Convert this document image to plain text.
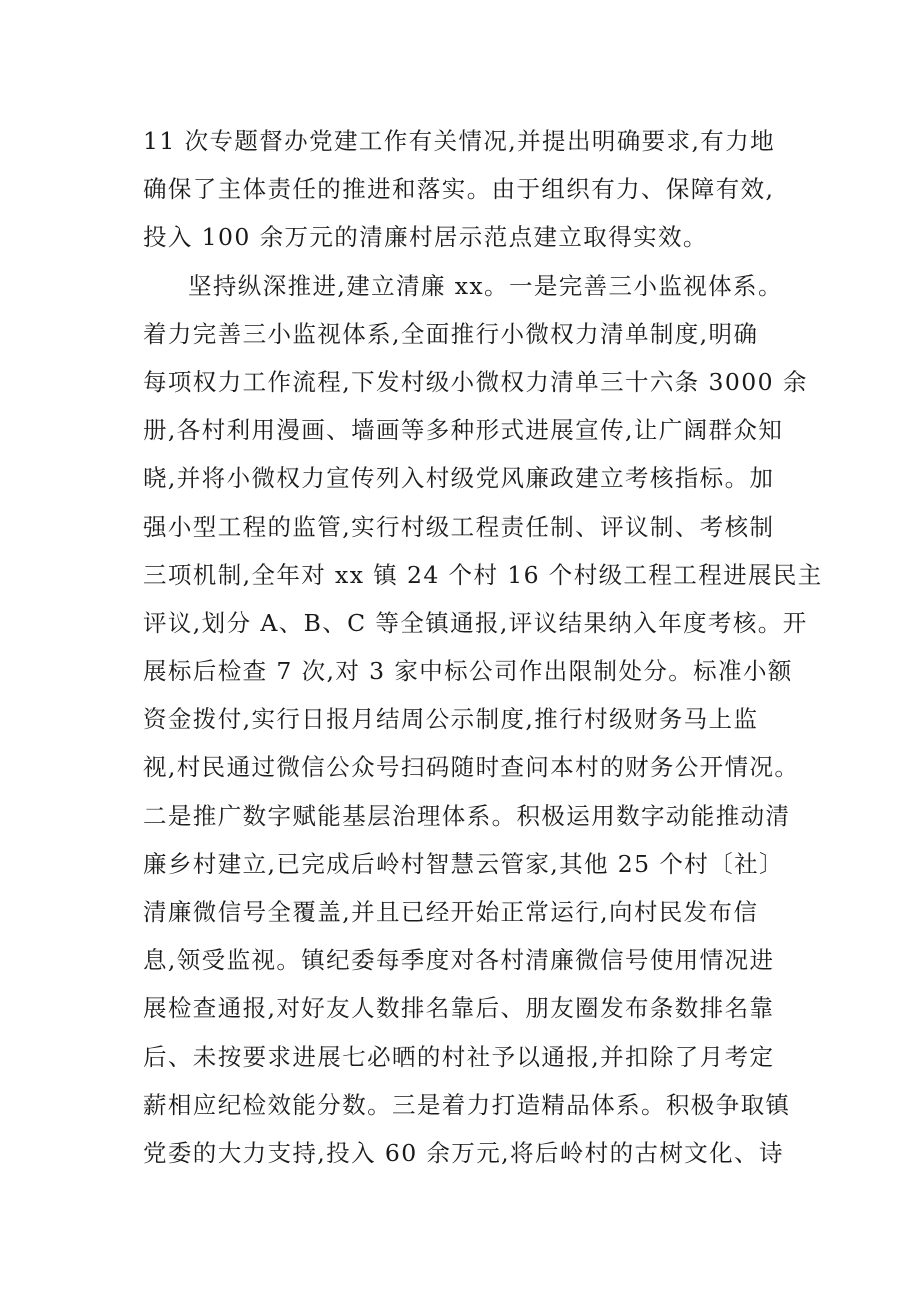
11 次专题督办党建工作有关情况,并提出明确要求,有力地
确保了主体责任的推进和落实。由于组织有力、保障有效,
投入 100 余万元的清廉村居示范点建立取得实效。
坚持纵深推进,建立清廉 xx。一是完善三小监视体系。
着力完善三小监视体系,全面推行小微权力清单制度,明确
每项权力工作流程,下发村级小微权力清单三十六条 3000 余
册,各村利用漫画、墙画等多种形式进展宣传,让广阔群众知
晓,并将小微权力宣传列入村级党风廉政建立考核指标。加
强小型工程的监管,实行村级工程责任制、评议制、考核制
三项机制,全年对 xx 镇 24 个村 16 个村级工程工程进展民主
评议,划分 A、B、C 等全镇通报,评议结果纳入年度考核。开
展标后检查 7 次,对 3 家中标公司作出限制处分。标准小额
资金拨付,实行日报月结周公示制度,推行村级财务马上监
视,村民通过微信公众号扫码随时查问本村的财务公开情况。
二是推广数字赋能基层治理体系。积极运用数字动能推动清
廉乡村建立,已完成后岭村智慧云管家,其他 25 个村〔社〕
清廉微信号全覆盖,并且已经开始正常运行,向村民发布信
息,领受监视。镇纪委每季度对各村清廉微信号使用情况进
展检查通报,对好友人数排名靠后、朋友圈发布条数排名靠
后、未按要求进展七必晒的村社予以通报,并扣除了月考定
薪相应纪检效能分数。三是着力打造精品体系。积极争取镇
党委的大力支持,投入 60 余万元,将后岭村的古树文化、诗
